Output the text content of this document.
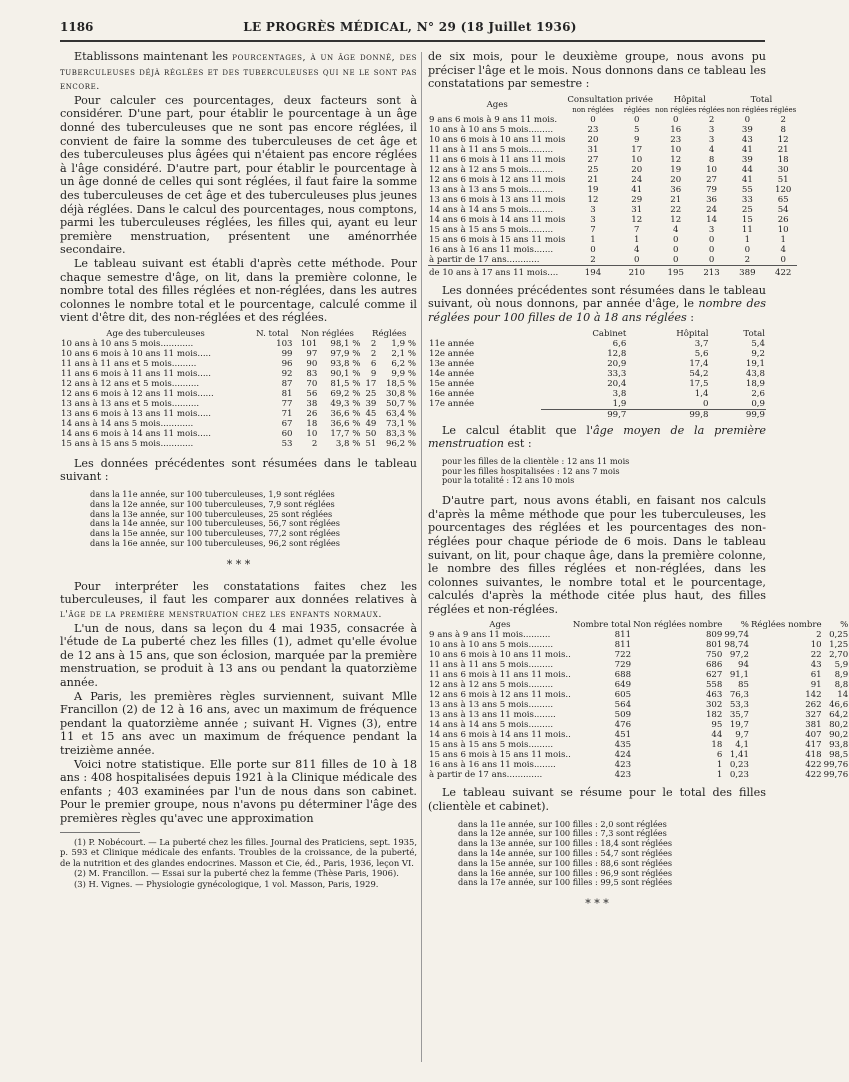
1186	LE PROGRÈS MÉDICAL, N° 29 (18 Juillet 1936)

Etablissons maintenant les pourcentages, à un âge donné, des tuberculeuses déjà réglées et des tuberculeuses qui ne le sont pas encore.

Pour calculer ces pourcentages, deux facteurs sont à considérer. D'une part, pour établir le pourcentage à un âge donné des tuberculeuses que ne sont pas encore réglées, il convient de faire la somme des tuberculeuses de cet âge et des tuberculeuses plus âgées qui n'étaient pas encore réglées à l'âge considéré. D'autre part, pour établir le pourcentage à un âge donné de celles qui sont réglées, il faut faire la somme des tuberculeuses de cet âge et des tuberculeuses plus jeunes déjà réglées. Dans le calcul des pourcentages, nous comptons, parmi les tuberculeuses réglées, les filles qui, ayant eu leur première menstruation, présentent une aménorrhée secondaire.

Le tableau suivant est établi d'après cette méthode. Pour chaque semestre d'âge, on lit, dans la première colonne, le nombre total des filles réglées et non-réglées, dans les autres colonnes le nombre total et le pourcentage, calculé comme il vient d'être dit, des non-réglées et des réglées.

Age des tuberculeuses	N. total	Non réglées		Réglées	
10 ans à 10 ans 5 mois............	103	101	98,1 %	2	1,9 %
10 ans 6 mois à 10 ans 11 mois.....	99	97	97,9 %	2	2,1 %
11 ans à 11 ans et 5 mois.........	96	90	93,8 %	6	6,2 %
11 ans 6 mois à 11 ans 11 mois.....	92	83	90,1 %	9	9,9 %
12 ans à 12 ans et 5 mois..........	87	70	81,5 %	17	18,5 %
12 ans 6 mois à 12 ans 11 mois......	81	56	69,2 %	25	30,8 %
13 ans à 13 ans et 5 mois..........	77	38	49,3 %	39	50,7 %
13 ans 6 mois à 13 ans 11 mois.....	71	26	36,6 %	45	63,4 %
14 ans à 14 ans 5 mois............	67	18	36,6 %	49	73,1 %
14 ans 6 mois à 14 ans 11 mois.....	60	10	17,7 %	50	83,3 %
15 ans à 15 ans 5 mois............	53	2	3,8 %	51	96,2 %

Les données précédentes sont résumées dans le tableau suivant :

dans la 11e année, sur 100 tuberculeuses, 1,9 sont réglées
dans la 12e année, sur 100 tuberculeuses, 7,9 sont réglées
dans la 13e année, sur 100 tuberculeuses, 25 sont réglées
dans la 14e année, sur 100 tuberculeuses, 56,7 sont réglées
dans la 15e année, sur 100 tuberculeuses, 77,2 sont réglées
dans la 16e année, sur 100 tuberculeuses, 96,2 sont réglées
* * *

Pour interpréter les constatations faites chez les tuberculeuses, il faut les comparer aux données relatives à l'âge de la première menstruation chez les enfants normaux.

L'un de nous, dans sa leçon du 4 mai 1935, consacrée à l'étude de La puberté chez les filles (1), admet qu'elle évolue de 12 ans à 15 ans, que son éclosion, marquée par la première menstruation, se produit à 13 ans ou pendant la quatorzième année.

A Paris, les premières règles surviennent, suivant Mlle Francillon (2) de 12 à 16 ans, avec un maximum de fréquence pendant la quatorzième année ; suivant H. Vignes (3), entre 11 et 15 ans avec un maximum de fréquence pendant la treizième année.

Voici notre statistique. Elle porte sur 811 filles de 10 à 18 ans : 408 hospitalisées depuis 1921 à la Clinique médicale des enfants ; 403 examinées par l'un de nous dans son cabinet. Pour le premier groupe, nous n'avons pu déterminer l'âge des premières règles qu'avec une approximation

(1) P. Nobécourt. — La puberté chez les filles. Journal des Praticiens, sept. 1935, p. 593 et Clinique médicale des enfants. Troubles de la croissance, de la puberté, de la nutrition et des glandes endocrines. Masson et Cie, éd., Paris, 1936, leçon VI.

(2) M. Francillon. — Essai sur la puberté chez la femme (Thèse Paris, 1906).

(3) H. Vignes. — Physiologie gynécologique, 1 vol. Masson, Paris, 1929.

de six mois, pour le deuxième groupe, nous avons pu préciser l'âge et le mois. Nous donnons dans ce tableau les constatations par semestre :

Ages	Consultation privée		Hôpital		Total	
	non réglées	réglées	non réglées	réglées	non réglées	réglées
9 ans 6 mois à 9 ans 11 mois.	0	0	0	2	0	2
10 ans à 10 ans 5 mois.........	23	5	16	3	39	8
10 ans 6 mois à 10 ans 11 mois	20	9	23	3	43	12
11 ans à 11 ans 5 mois.........	31	17	10	4	41	21
11 ans 6 mois à 11 ans 11 mois	27	10	12	8	39	18
12 ans à 12 ans 5 mois.........	25	20	19	10	44	30
12 ans 6 mois à 12 ans 11 mois	21	24	20	27	41	51
13 ans à 13 ans 5 mois.........	19	41	36	79	55	120
13 ans 6 mois à 13 ans 11 mois	12	29	21	36	33	65
14 ans à 14 ans 5 mois.........	3	31	22	24	25	54
14 ans 6 mois à 14 ans 11 mois	3	12	12	14	15	26
15 ans à 15 ans 5 mois.........	7	7	4	3	11	10
15 ans 6 mois à 15 ans 11 mois	1	1	0	0	1	1
16 ans à 16 ans 11 mois.......	0	4	0	0	0	4
à partir de 17 ans............	2	0	0	0	2	0
de 10 ans à 17 ans 11 mois....	194	210	195	213	389	422

Les données précédentes sont résumées dans le tableau suivant, où nous donnons, par année d'âge, le nombre des réglées pour 100 filles de 10 à 18 ans réglées :

	Cabinet	Hôpital	Total
11e année	6,6	3,7	5,4
12e année	12,8	5,6	9,2
13e année	20,9	17,4	19,1
14e année	33,3	54,2	43,8
15e année	20,4	17,5	18,9
16e année	3,8	1,4	2,6
17e année	1,9	0	0,9
	99,7	99,8	99,9

Le calcul établit que l'âge moyen de la première menstruation est :

pour les filles de la clientèle : 12 ans 11 mois
pour les filles hospitalisées : 12 ans 7 mois
pour la totalité : 12 ans 10 mois

D'autre part, nous avons établi, en faisant nos calculs d'après la même méthode que pour les tuberculeuses, les pourcentages des réglées et les pourcentages des non-réglées pour chaque période de 6 mois. Dans le tableau suivant, on lit, pour chaque âge, dans la première colonne, le nombre des filles réglées et non-réglées, dans les colonnes suivantes, le nombre total et le pourcentage, calculés d'après la méthode citée plus haut, des filles réglées et non-réglées.

Ages	Nombre total	Non réglées nombre	%	Réglées nombre	%
9 ans à 9 ans 11 mois..........	811	809	99,74	2	0,25
10 ans à 10 ans 5 mois.........	811	801	98,74	10	1,25
10 ans 6 mois à 10 ans 11 mois..	722	750	97,2	22	2,70
11 ans à 11 ans 5 mois.........	729	686	94	43	5,9
11 ans 6 mois à 11 ans 11 mois..	688	627	91,1	61	8,9
12 ans à 12 ans 5 mois.........	649	558	85	91	8,8
12 ans 6 mois à 12 ans 11 mois..	605	463	76,3	142	14
13 ans à 13 ans 5 mois.........	564	302	53,3	262	46,6
13 ans à 13 ans 11 mois........	509	182	35,7	327	64,2
14 ans à 14 ans 5 mois.........	476	95	19,7	381	80,2
14 ans 6 mois à 14 ans 11 mois..	451	44	9,7	407	90,2
15 ans à 15 ans 5 mois.........	435	18	4,1	417	93,8
15 ans 6 mois à 15 ans 11 mois..	424	6	1,41	418	98,5
16 ans à 16 ans 11 mois........	423	1	0,23	422	99,76
à partir de 17 ans.............	423	1	0,23	422	99,76

Le tableau suivant se résume pour le total des filles (clientèle et cabinet).

dans la 11e année, sur 100 filles : 2,0 sont réglées
dans la 12e année, sur 100 filles : 7,3 sont réglées
dans la 13e année, sur 100 filles : 18,4 sont réglées
dans la 14e année, sur 100 filles : 54,7 sont réglées
dans la 15e année, sur 100 filles : 88,6 sont réglées
dans la 16e année, sur 100 filles : 96,9 sont réglées
dans la 17e année, sur 100 filles : 99,5 sont réglées
* * *
